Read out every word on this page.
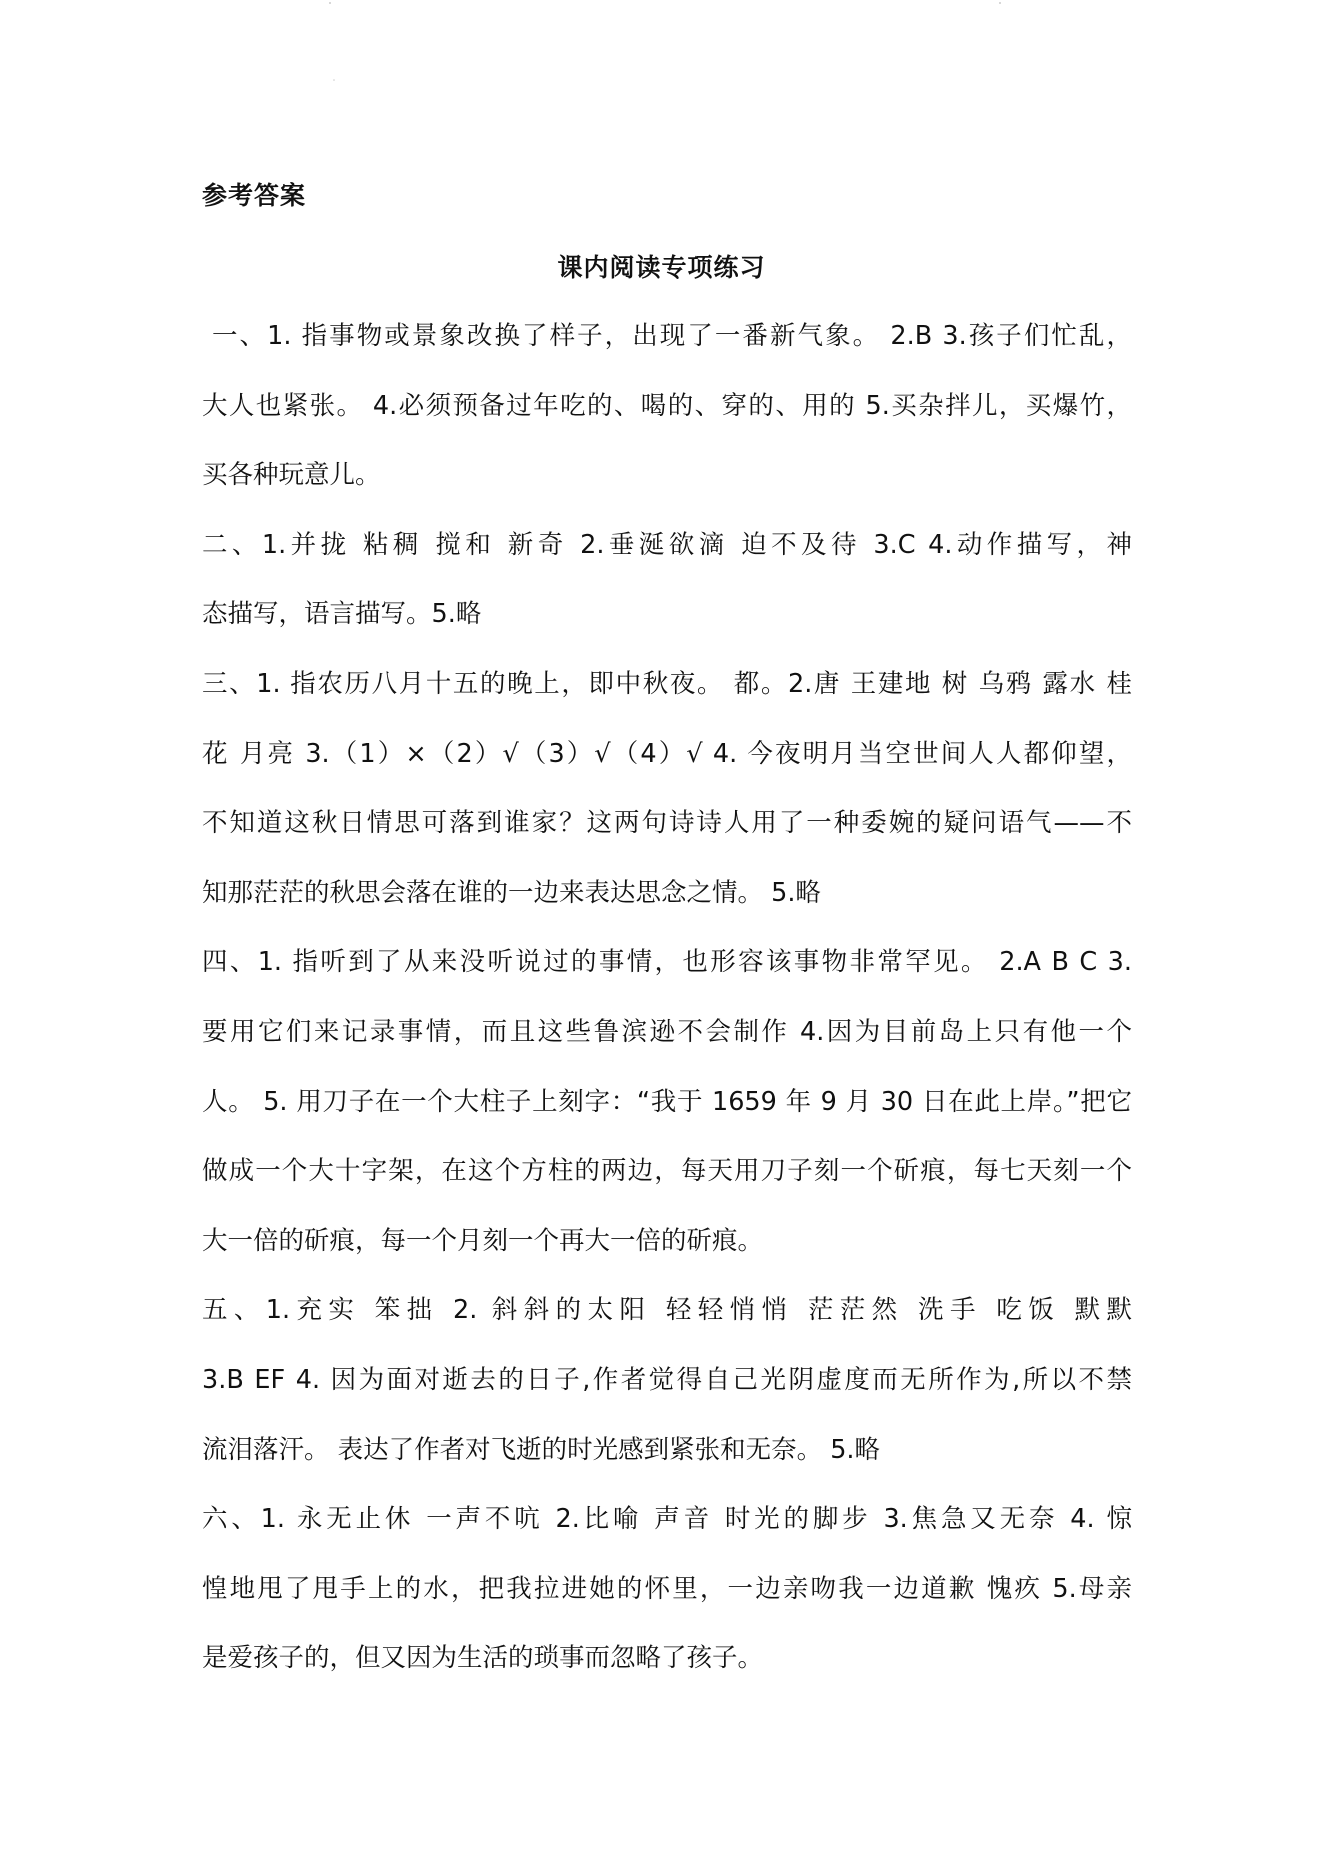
参考答案
课内阅读专项练习
一、1. 指事物或景象改换了样子，出现了一番新气象。 2.B 3.孩子们忙乱，
大人也紧张。 4.必须预备过年吃的、喝的、穿的、用的 5.买杂拌儿，买爆竹，
买各种玩意儿。
二、1.并拢 粘稠 搅和 新奇 2.垂涎欲滴 迫不及待 3.C 4.动作描写，神
态描写，语言描写。5.略
三、1. 指农历八月十五的晚上，即中秋夜。 都。2.唐 王建地 树 乌鸦 露水 桂
花 月亮 3.（1）×（2）√（3）√（4）√ 4. 今夜明月当空世间人人都仰望，
不知道这秋日情思可落到谁家？这两句诗诗人用了一种委婉的疑问语气——不
知那茫茫的秋思会落在谁的一边来表达思念之情。 5.略
四、1. 指听到了从来没听说过的事情，也形容该事物非常罕见。 2.A B C 3.
要用它们来记录事情，而且这些鲁滨逊不会制作 4.因为目前岛上只有他一个
人。 5. 用刀子在一个大柱子上刻字：“我于 1659 年 9 月 30 日在此上岸。”把它
做成一个大十字架，在这个方柱的两边，每天用刀子刻一个斫痕，每七天刻一个
大一倍的斫痕，每一个月刻一个再大一倍的斫痕。
五、1.充实 笨拙 2. 斜斜的太阳 轻轻悄悄 茫茫然 洗手 吃饭 默默
3.B EF 4. 因为面对逝去的日子,作者觉得自己光阴虚度而无所作为,所以不禁
流泪落汗。 表达了作者对飞逝的时光感到紧张和无奈。 5.略
六、1. 永无止休 一声不吭 2.比喻 声音 时光的脚步 3.焦急又无奈 4. 惊
惶地甩了甩手上的水，把我拉进她的怀里，一边亲吻我一边道歉 愧疚 5.母亲
是爱孩子的，但又因为生活的琐事而忽略了孩子。
